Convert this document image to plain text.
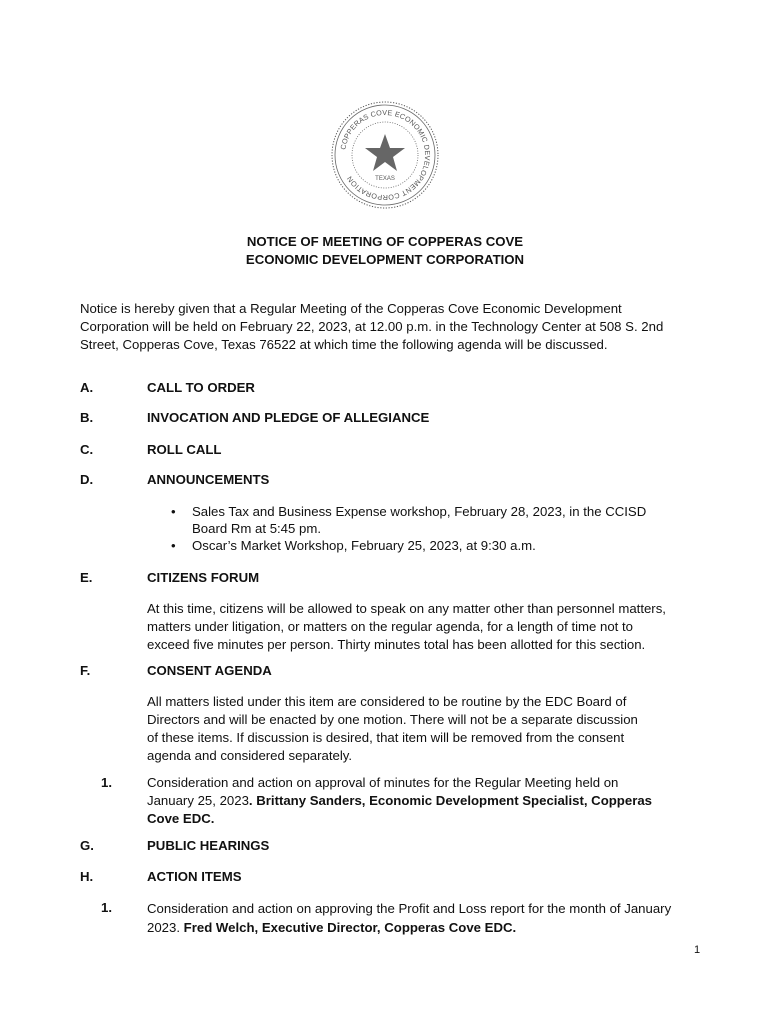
COPPERAS COVE ECONOMIC DEVELOPMENT CORPORATION	TEXAS
NOTICE OF MEETING OF COPPERAS COVE
ECONOMIC DEVELOPMENT CORPORATION
Notice is hereby given that a Regular Meeting of the Copperas Cove Economic Development
Corporation will be held on February 22, 2023, at 12.00 p.m. in the Technology Center at 508 S. 2nd
Street, Copperas Cove, Texas 76522 at which time the following agenda will be discussed.
A.	CALL TO ORDER
B.	INVOCATION AND PLEDGE OF ALLEGIANCE
C.	ROLL CALL
D.	ANNOUNCEMENTS
• Sales Tax and Business Expense workshop, February 28, 2023, in the CCISD
Board Rm at 5:45 pm.
• Oscar’s Market Workshop, February 25, 2023, at 9:30 a.m.
E.	CITIZENS FORUM
At this time, citizens will be allowed to speak on any matter other than personnel matters,
matters under litigation, or matters on the regular agenda, for a length of time not to
exceed five minutes per person. Thirty minutes total has been allotted for this section.
F.	CONSENT AGENDA
All matters listed under this item are considered to be routine by the EDC Board of
Directors and will be enacted by one motion. There will not be a separate discussion
of these items. If discussion is desired, that item will be removed from the consent
agenda and considered separately.
1.	Consideration and action on approval of minutes for the Regular Meeting held on
January 25, 2023. Brittany Sanders, Economic Development Specialist, Copperas
Cove EDC.
G.	PUBLIC HEARINGS
H.	ACTION ITEMS
1.	Consideration and action on approving the Profit and Loss report for the month of January
2023. Fred Welch, Executive Director, Copperas Cove EDC.
1
